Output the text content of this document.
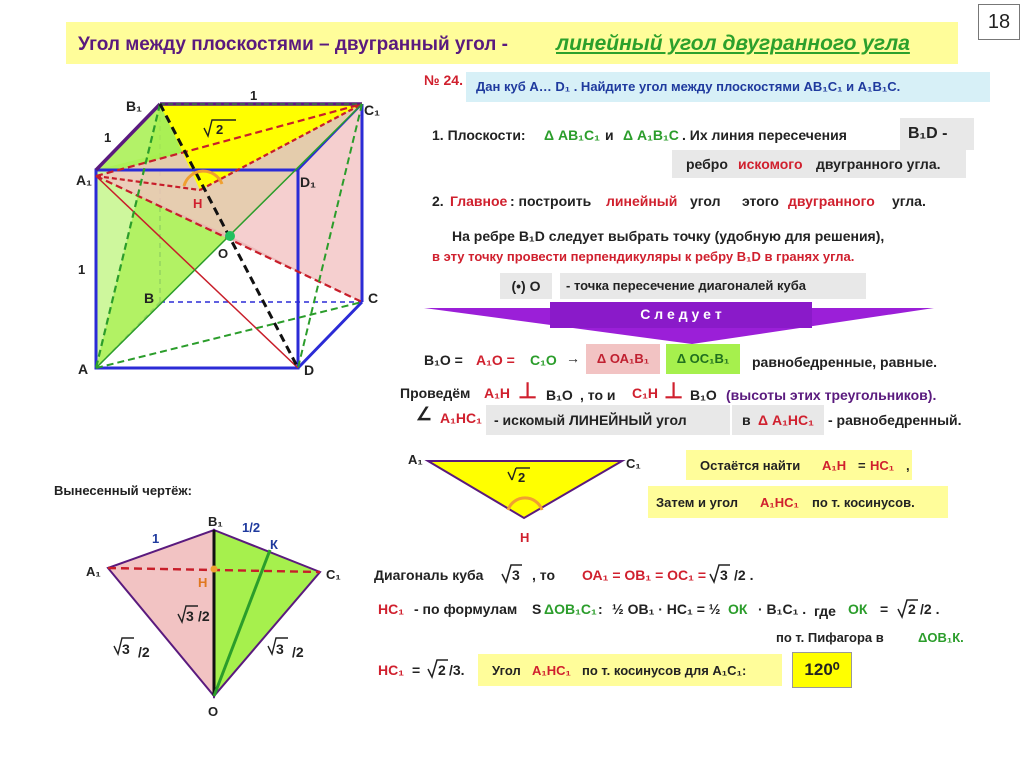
Угол между плоскостями – двугранный угол - линейный угол двугранного угла
18
№ 24.	Дан куб А… D₁ . Найдите угол между плоскостями АВ₁С₁ и А₁В₁С.
1. Плоскости: Δ АВ₁С₁ и Δ А₁В₁С . Их линия пересечения	В₁D -
ребро искомого двугранного угла.
2. Главное : построить линейный угол этого двугранного угла.
На ребре В₁D следует выбрать точку (удобную для решения),
в эту точку провести перпендикуляры к ребру В₁D в гранях угла.
(•) О	- точка пересечение диагоналей куба
С л е д у е т
В₁О = А₁О = С₁О →	Δ ОА₁В₁	Δ ОС₁В₁	равнобедренные, равные.
Проведём А₁Н ⊥ В₁О , то и С₁Н ⊥ В₁О (высоты этих треугольников).
∠ А₁НС₁ - искомый ЛИНЕЙНЫЙ угол	в Δ А₁НС₁ - равнобедренный.
А₁	С₁
2
Н
Остаётся найти А₁Н = НС₁ ,
Затем и угол А₁НС₁ по т. косинусов.
Диагональ куба 3 , то ОА₁ = ОВ₁ = ОС₁ = 3 /2 .
НС₁ - по формулам S ΔОВ₁С₁ : ½ ОВ₁ · НС₁ = ½ ОК · В₁С₁ . где ОК = 2 /2 .
по т. Пифагора в	ΔОВ₁К.
НС₁ = 2 /3. Угол А₁НС₁ по т. косинусов для А₁С₁:	120⁰
Вынесенный чертёж:
В₁	С₁
А₁	D₁
А
В	С
D
Н
О
1
1
1
2
А₁
В₁
С₁
О
Н
К
1
1/2
3 /2
3 /2	3 /2
